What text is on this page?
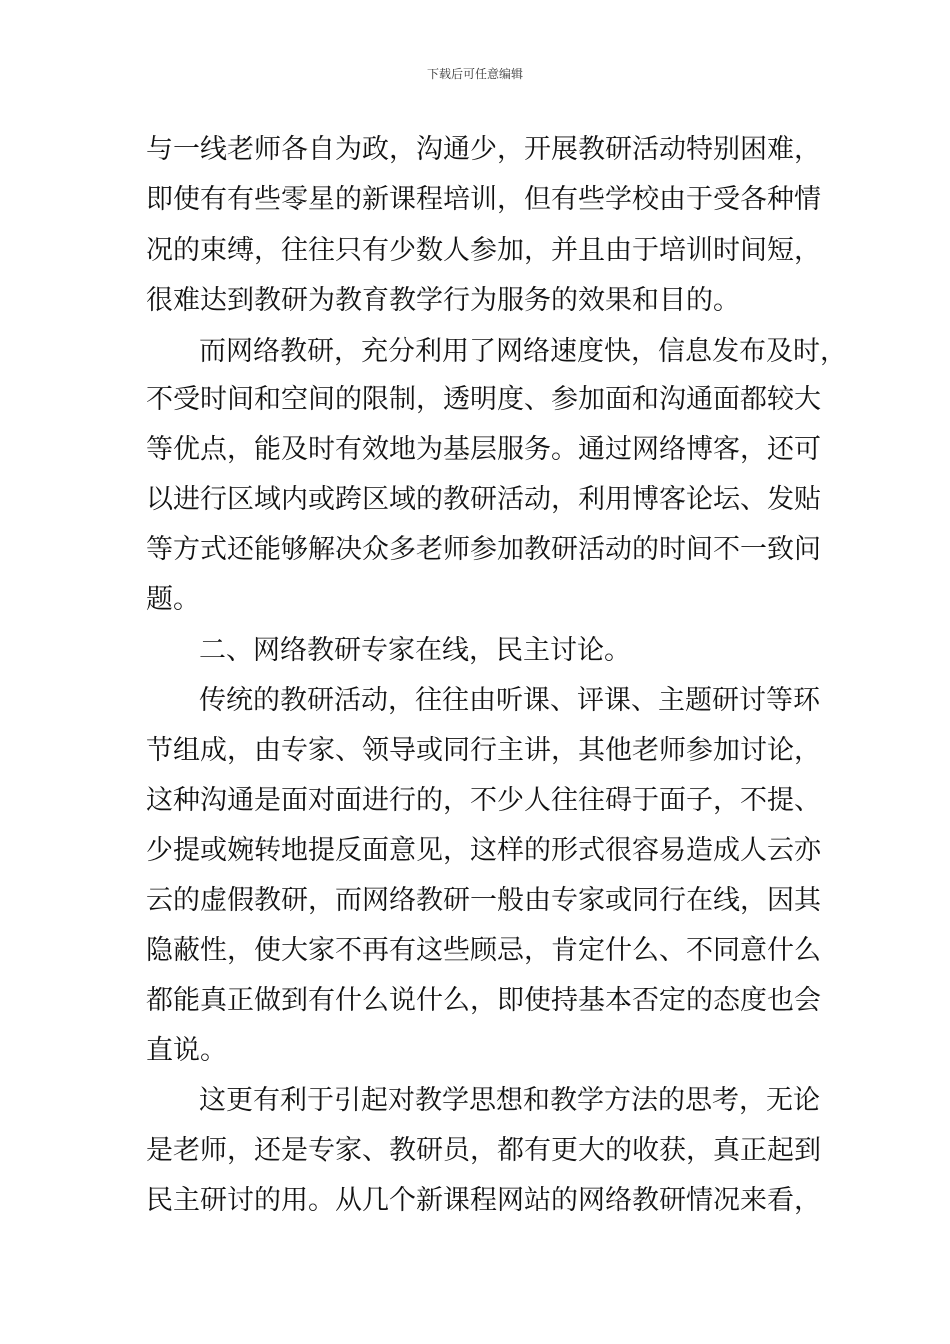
下载后可任意编辑
与一线老师各自为政，沟通少，开展教研活动特别困难，
即使有有些零星的新课程培训，但有些学校由于受各种情
况的束缚，往往只有少数人参加，并且由于培训时间短，
很难达到教研为教育教学行为服务的效果和目的。
而网络教研，充分利用了网络速度快，信息发布及时，
不受时间和空间的限制，透明度、参加面和沟通面都较大
等优点，能及时有效地为基层服务。通过网络博客，还可
以进行区域内或跨区域的教研活动，利用博客论坛、发贴
等方式还能够解决众多老师参加教研活动的时间不一致问
题。
二、网络教研专家在线，民主讨论。
传统的教研活动，往往由听课、评课、主题研讨等环
节组成，由专家、领导或同行主讲，其他老师参加讨论，
这种沟通是面对面进行的，不少人往往碍于面子，不提、
少提或婉转地提反面意见，这样的形式很容易造成人云亦
云的虚假教研，而网络教研一般由专家或同行在线，因其
隐蔽性，使大家不再有这些顾忌，肯定什么、不同意什么
都能真正做到有什么说什么，即使持基本否定的态度也会
直说。
这更有利于引起对教学思想和教学方法的思考，无论
是老师，还是专家、教研员，都有更大的收获，真正起到
民主研讨的用。从几个新课程网站的网络教研情况来看，
